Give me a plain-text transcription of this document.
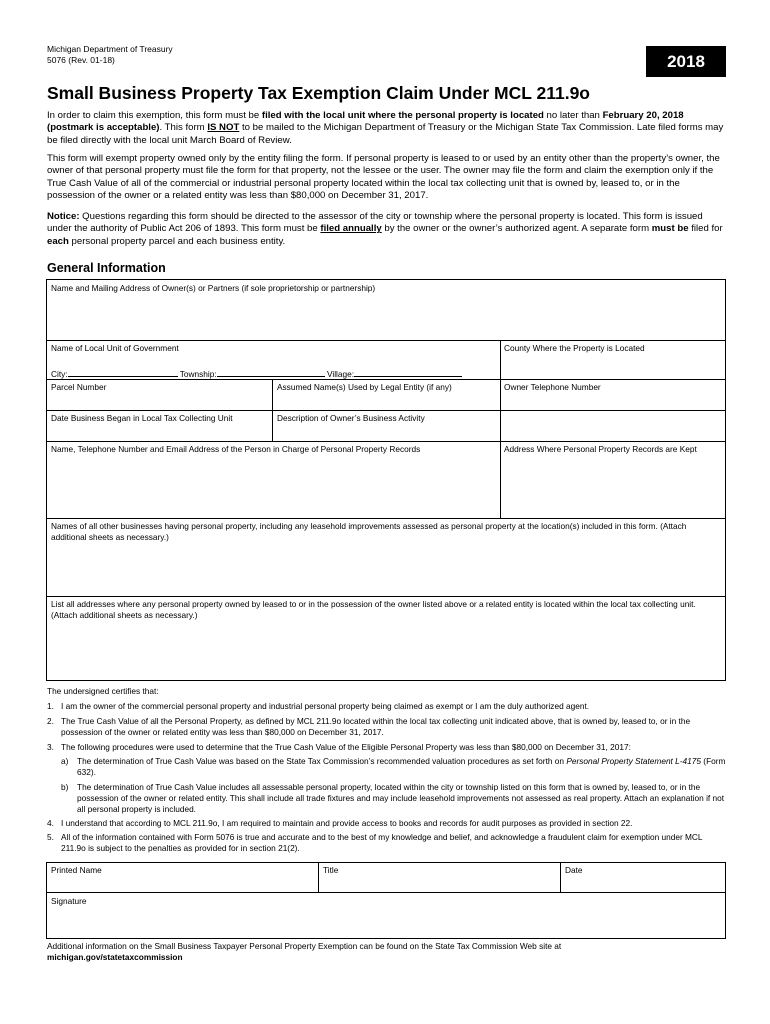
Michigan Department of Treasury
5076 (Rev. 01-18)	2018
Small Business Property Tax Exemption Claim Under MCL 211.9o
In order to claim this exemption, this form must be filed with the local unit where the personal property is located no later than February 20, 2018 (postmark is acceptable). This form IS NOT to be mailed to the Michigan Department of Treasury or the Michigan State Tax Commission. Late filed forms may be filed directly with the local unit March Board of Review.
This form will exempt property owned only by the entity filing the form. If personal property is leased to or used by an entity other than the property’s owner, the owner of that personal property must file the form for that property, not the lessee or the user. The owner may file the form and claim the exemption only if the True Cash Value of all of the commercial or industrial personal property located within the local tax collecting unit that is owned by, leased to, or in the possession of the owner or a related entity was less than $80,000 on December 31, 2017.
Notice: Questions regarding this form should be directed to the assessor of the city or township where the personal property is located. This form is issued under the authority of Public Act 206 of 1893. This form must be filed annually by the owner or the owner’s authorized agent. A separate form must be filed for each personal property parcel and each business entity.
General Information
Name and Mailing Address of Owner(s) or Partners (if sole proprietorship or partnership)
Name of Local Unit of Government	County Where the Property is Located
City:	Township:	Village:
Parcel Number	Assumed Name(s) Used by Legal Entity (if any)	Owner Telephone Number
Date Business Began in Local Tax Collecting Unit	Description of Owner’s Business Activity
Name, Telephone Number and Email Address of the Person in Charge of Personal Property Records	Address Where Personal Property Records are Kept
Names of all other businesses having personal property, including any leasehold improvements assessed as personal property at the location(s) included in this form. (Attach additional sheets as necessary.)
List all addresses where any personal property owned by leased to or in the possession of the owner listed above or a related entity is located within the local tax collecting unit. (Attach additional sheets as necessary.)
The undersigned certifies that:
1. I am the owner of the commercial personal property and industrial personal property being claimed as exempt or I am the duly authorized agent.
2. The True Cash Value of all the Personal Property, as defined by MCL 211.9o located within the local tax collecting unit indicated above, that is owned by, leased to, or in the possession of the owner or related entity was less than $80,000 on December 31, 2017.
3. The following procedures were used to determine that the True Cash Value of the Eligible Personal Property was less than $80,000 on December 31, 2017:
a) The determination of True Cash Value was based on the State Tax Commission’s recommended valuation procedures as set forth on Personal Property Statement L-4175 (Form 632).
b) The determination of True Cash Value includes all assessable personal property, located within the city or township listed on this form that is owned by, leased to, or in the possession of the owner or related entity. This shall include all trade fixtures and may include leasehold improvements not assessed as real property. Attach an explanation if not all personal property is included.
4. I understand that according to MCL 211.9o, I am required to maintain and provide access to books and records for audit purposes as provided in section 22.
5. All of the information contained with Form 5076 is true and accurate and to the best of my knowledge and belief, and acknowledge a fraudulent claim for exemption under MCL 211.9o is subject to the penalties as provided for in section 21(2).
Printed Name	Title	Date
Signature
Additional information on the Small Business Taxpayer Personal Property Exemption can be found on the State Tax Commission Web site at
michigan.gov/statetaxcommission
